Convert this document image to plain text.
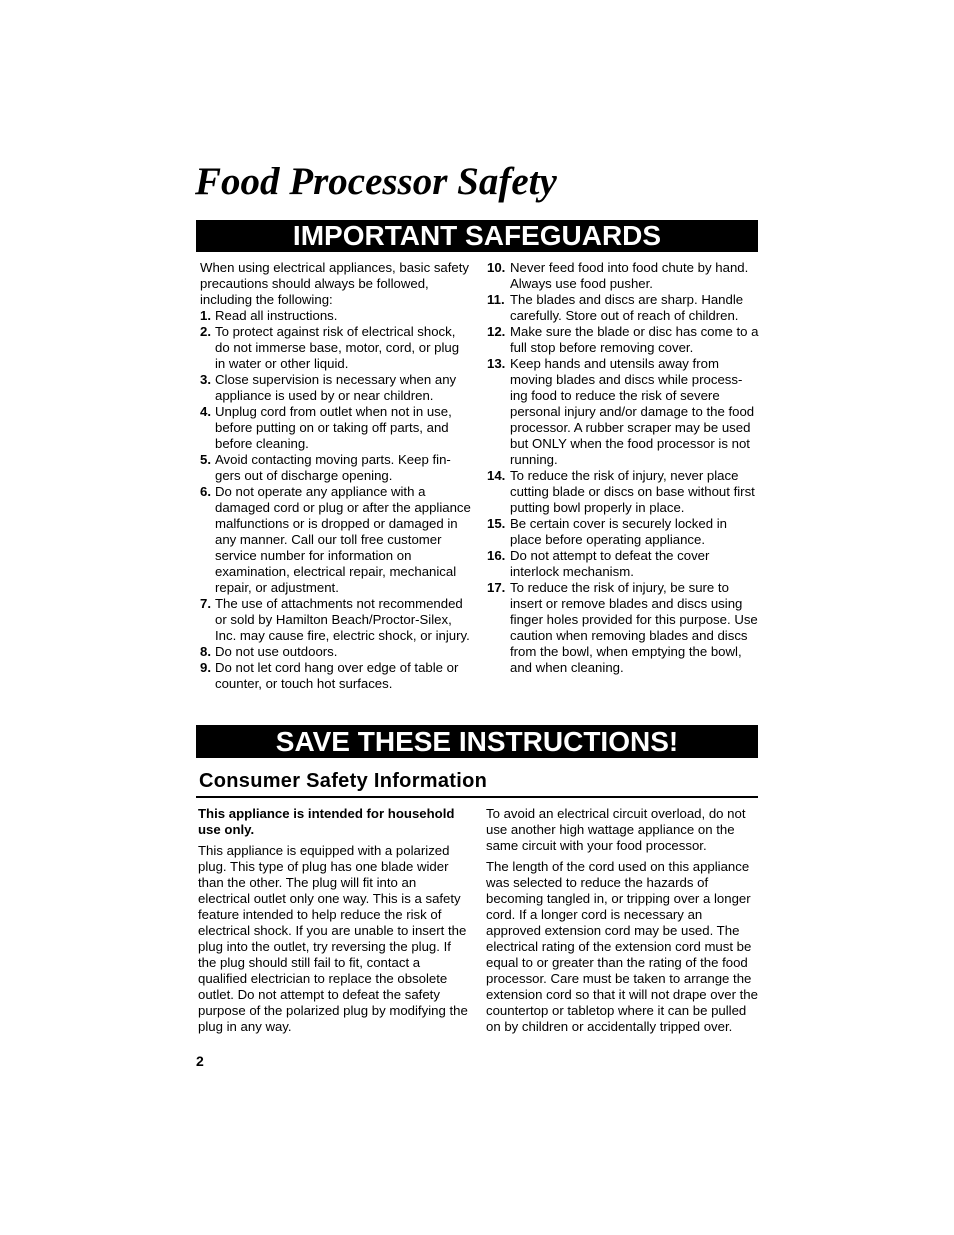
Food Processor Safety
IMPORTANT SAFEGUARDS

When using electrical appliances, basic safety precautions should always be followed, including the following:

1. Read all instructions.
2. To protect against risk of electrical shock, do not immerse base, motor, cord, or plug in water or other liquid.
3. Close supervision is necessary when any appliance is used by or near children.
4. Unplug cord from outlet when not in use, before putting on or taking off parts, and before cleaning.
5. Avoid contacting moving parts. Keep fin-gers out of discharge opening.
6. Do not operate any appliance with a damaged cord or plug or after the appliance malfunctions or is dropped or damaged in any manner. Call our toll free customer service number for information on examination, electrical repair, mechanical repair, or adjustment.
7. The use of attachments not recommended or sold by Hamilton Beach/Proctor-Silex, Inc. may cause fire, electric shock, or injury.
8. Do not use outdoors.
9. Do not let cord hang over edge of table or counter, or touch hot surfaces.
10. Never feed food into food chute by hand. Always use food pusher.
11. The blades and discs are sharp. Handle carefully. Store out of reach of children.
12. Make sure the blade or disc has come to a full stop before removing cover.
13. Keep hands and utensils away from moving blades and discs while process-ing food to reduce the risk of severe personal injury and/or damage to the food processor. A rubber scraper may be used but ONLY when the food processor is not running.
14. To reduce the risk of injury, never place cutting blade or discs on base without first putting bowl properly in place.
15. Be certain cover is securely locked in place before operating appliance.
16. Do not attempt to defeat the cover interlock mechanism.
17. To reduce the risk of injury, be sure to insert or remove blades and discs using finger holes provided for this purpose. Use caution when removing blades and discs from the bowl, when emptying the bowl, and when cleaning.
SAVE THESE INSTRUCTIONS!
Consumer Safety Information

This appliance is intended for household use only.

This appliance is equipped with a polarized plug. This type of plug has one blade wider than the other. The plug will fit into an electrical outlet only one way. This is a safety feature intended to help reduce the risk of electrical shock. If you are unable to insert the plug into the outlet, try reversing the plug. If the plug should still fail to fit, contact a qualified electrician to replace the obsolete outlet. Do not attempt to defeat the safety purpose of the polarized plug by modifying the plug in any way.

To avoid an electrical circuit overload, do not use another high wattage appliance on the same circuit with your food processor.

The length of the cord used on this appliance was selected to reduce the hazards of becoming tangled in, or tripping over a longer cord. If a longer cord is necessary an approved extension cord may be used. The electrical rating of the extension cord must be equal to or greater than the rating of the food processor. Care must be taken to arrange the extension cord so that it will not drape over the countertop or tabletop where it can be pulled on by children or accidentally tripped over.

2
